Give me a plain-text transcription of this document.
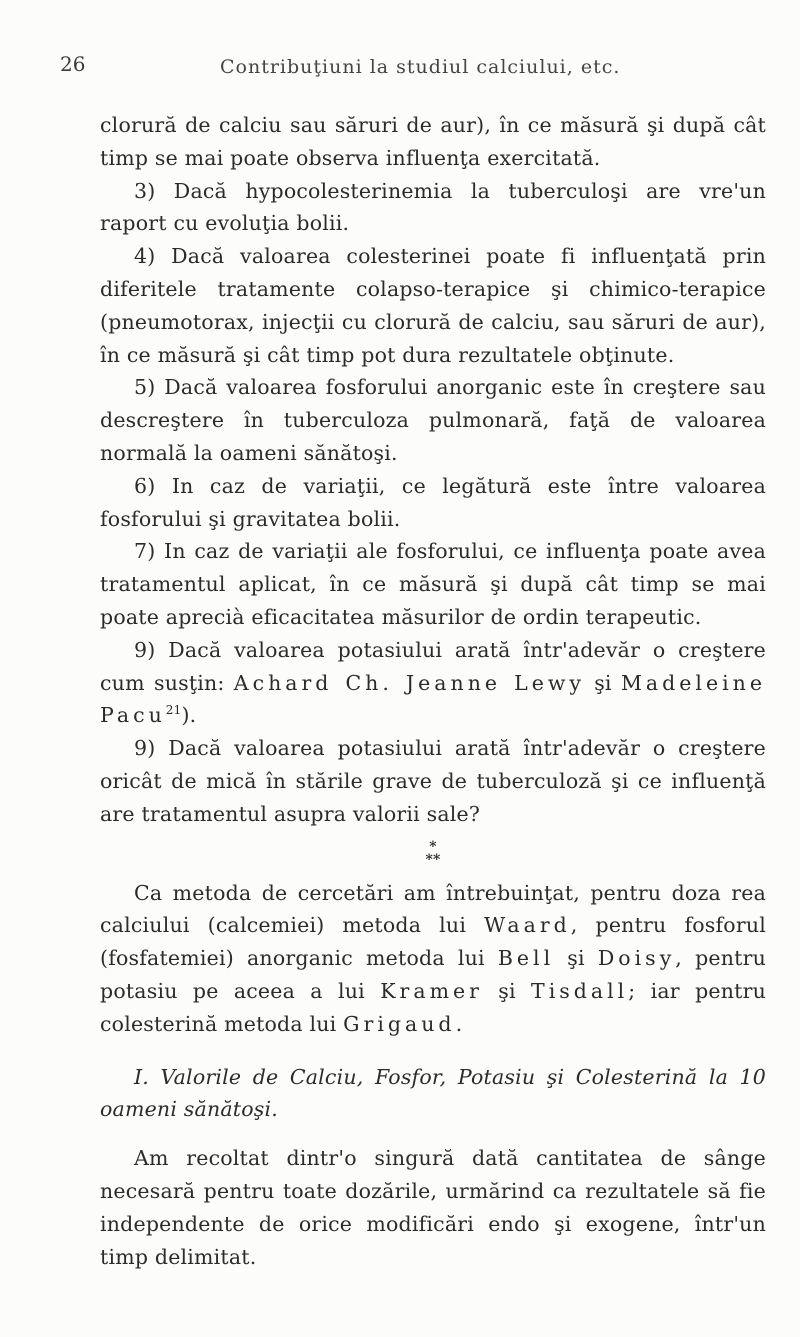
26	Contribuţiuni la studiul calciului, etc.

clorură de calciu sau săruri de aur), în ce măsură şi după cât timp se mai poate observa influenţa exercitată.

3) Dacă hypocolesterinemia la tuberculoşi are vre'un raport cu evoluţia bolii.

4) Dacă valoarea colesterinei poate fi influenţată prin diferitele tratamente colapso-terapice şi chimico-terapice (pneumotorax, injecţii cu clorură de calciu, sau săruri de aur), în ce măsură şi cât timp pot dura rezultatele obţinute.

5) Dacă valoarea fosforului anorganic este în creştere sau descreştere în tuberculoza pulmonară, faţă de valoarea normală la oameni sănătoşi.

6) In caz de variaţii, ce legătură este între valoarea fosforului şi gravitatea bolii.

7) In caz de variaţii ale fosforului, ce influenţa poate avea tratamentul aplicat, în ce măsură şi după cât timp se mai poate aprecià eficacitatea măsurilor de ordin terapeutic.

9) Dacă valoarea potasiului arată într'adevăr o creştere cum susţin: Achard Ch. Jeanne Lewy şi Madeleine Pacu$^{21}$).

9) Dacă valoarea potasiului arată într'adevăr o creştere oricât de mică în stările grave de tuberculoză şi ce influenţă are tratamentul asupra valorii sale?

*
**

Ca metoda de cercetări am întrebuinţat, pentru doza rea calciului (calcemiei) metoda lui Waard, pentru fosforul (fosfatemiei) anorganic metoda lui Bell şi Doisy, pentru potasiu pe aceea a lui Kramer şi Tisdall; iar pentru colesterină metoda lui Grigaud.

I. Valorile de Calciu, Fosfor, Potasiu şi Colesterină la 10 oameni sănătoşi.

Am recoltat dintr'o singură dată cantitatea de sânge necesară pentru toate dozările, urmărind ca rezultatele să fie independente de orice modificări endo şi exogene, într'un timp delimitat.
